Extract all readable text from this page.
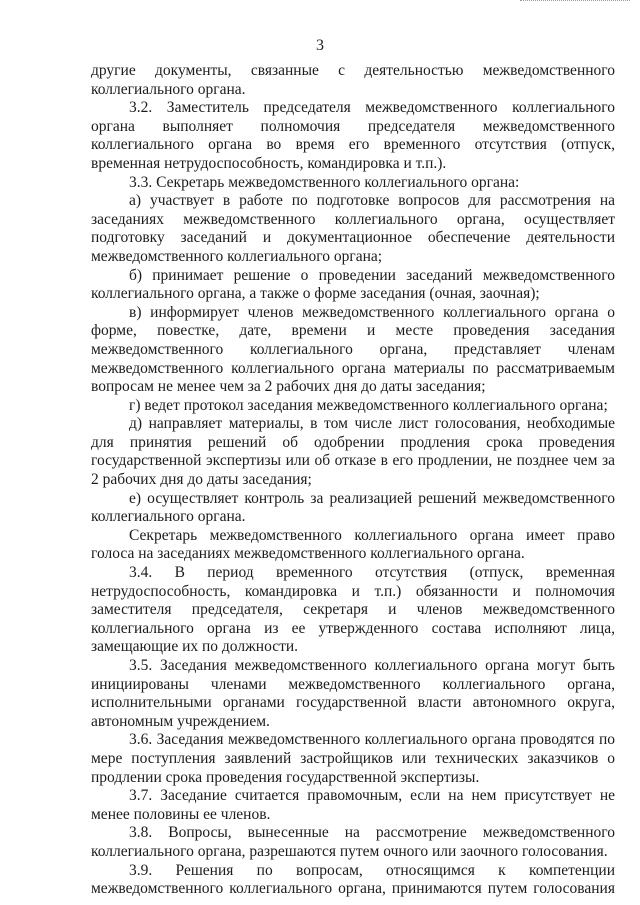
3

другие документы, связанные с деятельностью межведомственного коллегиального органа.

3.2. Заместитель председателя межведомственного коллегиального органа выполняет полномочия председателя межведомственного коллегиального органа во время его временного отсутствия (отпуск, временная нетрудоспособность, командировка и т.п.).

3.3. Секретарь межведомственного коллегиального органа:

а) участвует в работе по подготовке вопросов для рассмотрения на заседаниях межведомственного коллегиального органа, осуществляет подготовку заседаний и документационное обеспечение деятельности межведомственного коллегиального органа;

б) принимает решение о проведении заседаний межведомственного коллегиального органа, а также о форме заседания (очная, заочная);

в) информирует членов межведомственного коллегиального органа о форме, повестке, дате, времени и месте проведения заседания межведомственного коллегиального органа, представляет членам межведомственного коллегиального органа материалы по рассматриваемым вопросам не менее чем за 2 рабочих дня до даты заседания;

г) ведет протокол заседания межведомственного коллегиального органа;

д) направляет материалы, в том числе лист голосования, необходимые для принятия решений об одобрении продления срока проведения государственной экспертизы или об отказе в его продлении, не позднее чем за 2 рабочих дня до даты заседания;

е) осуществляет контроль за реализацией решений межведомственного коллегиального органа.

Секретарь межведомственного коллегиального органа имеет право голоса на заседаниях межведомственного коллегиального органа.

3.4. В период временного отсутствия (отпуск, временная нетрудоспособность, командировка и т.п.) обязанности и полномочия заместителя председателя, секретаря и членов межведомственного коллегиального органа из ее утвержденного состава исполняют лица, замещающие их по должности.

3.5. Заседания межведомственного коллегиального органа могут быть инициированы членами межведомственного коллегиального органа, исполнительными органами государственной власти автономного округа, автономным учреждением.

3.6. Заседания межведомственного коллегиального органа проводятся по мере поступления заявлений застройщиков или технических заказчиков о продлении срока проведения государственной экспертизы.

3.7. Заседание считается правомочным, если на нем присутствует не менее половины ее членов.

3.8. Вопросы, вынесенные на рассмотрение межведомственного коллегиального органа, разрешаются путем очного или заочного голосования.

3.9. Решения по вопросам, относящимся к компетенции межведомственного коллегиального органа, принимаются путем голосования
